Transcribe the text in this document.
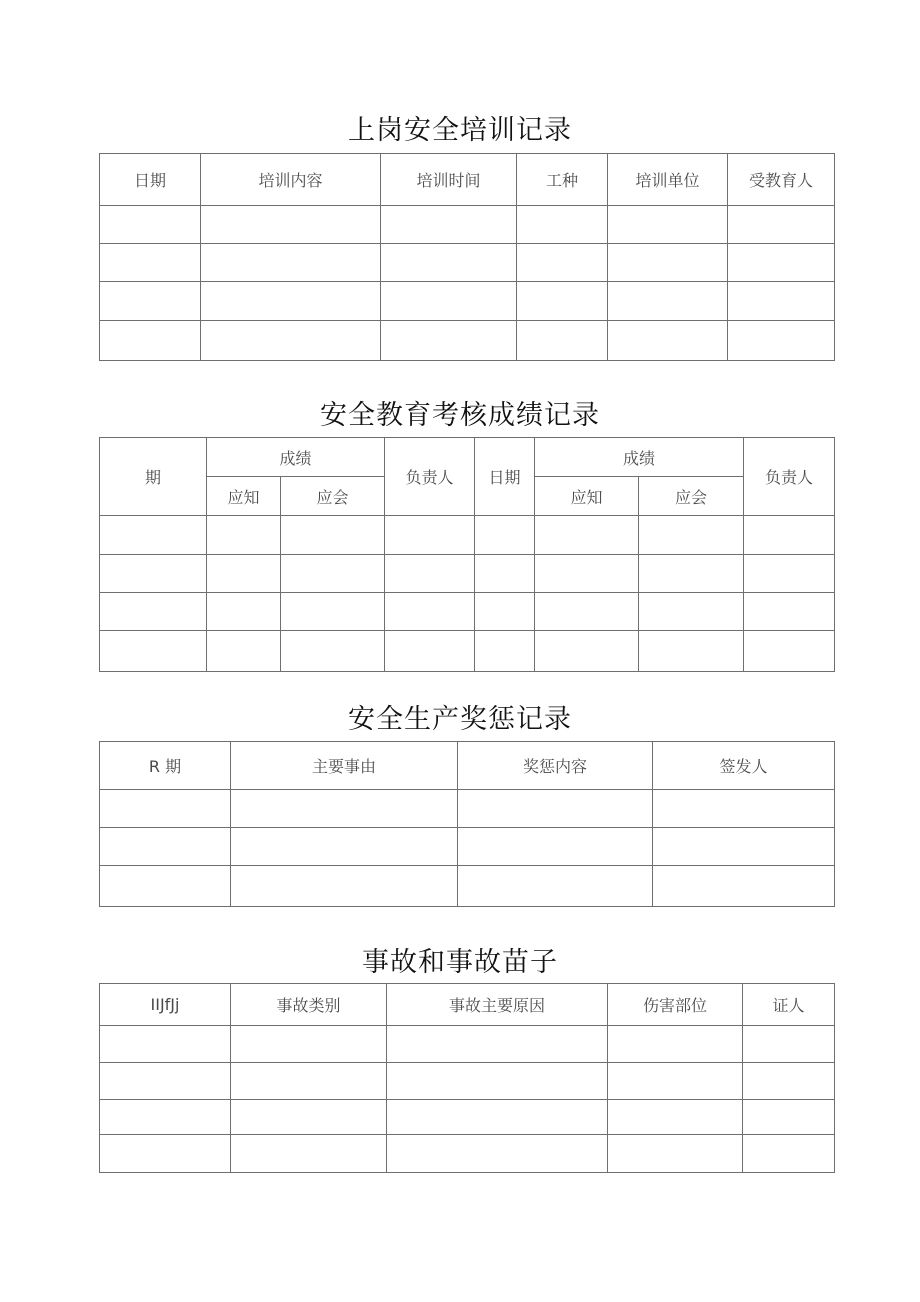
上岗安全培训记录
日期	培训内容	培训时间	工种	培训单位	受教育人

安全教育考核成绩记录
期	成绩		负责人	日期	成绩		负责人
	应知	应会			应知	应会	

安全生产奖惩记录
R 期	主要事由	奖惩内容	签发人

事故和事故苗子
IIJfJj	事故类别	事故主要原因	伤害部位	证人
